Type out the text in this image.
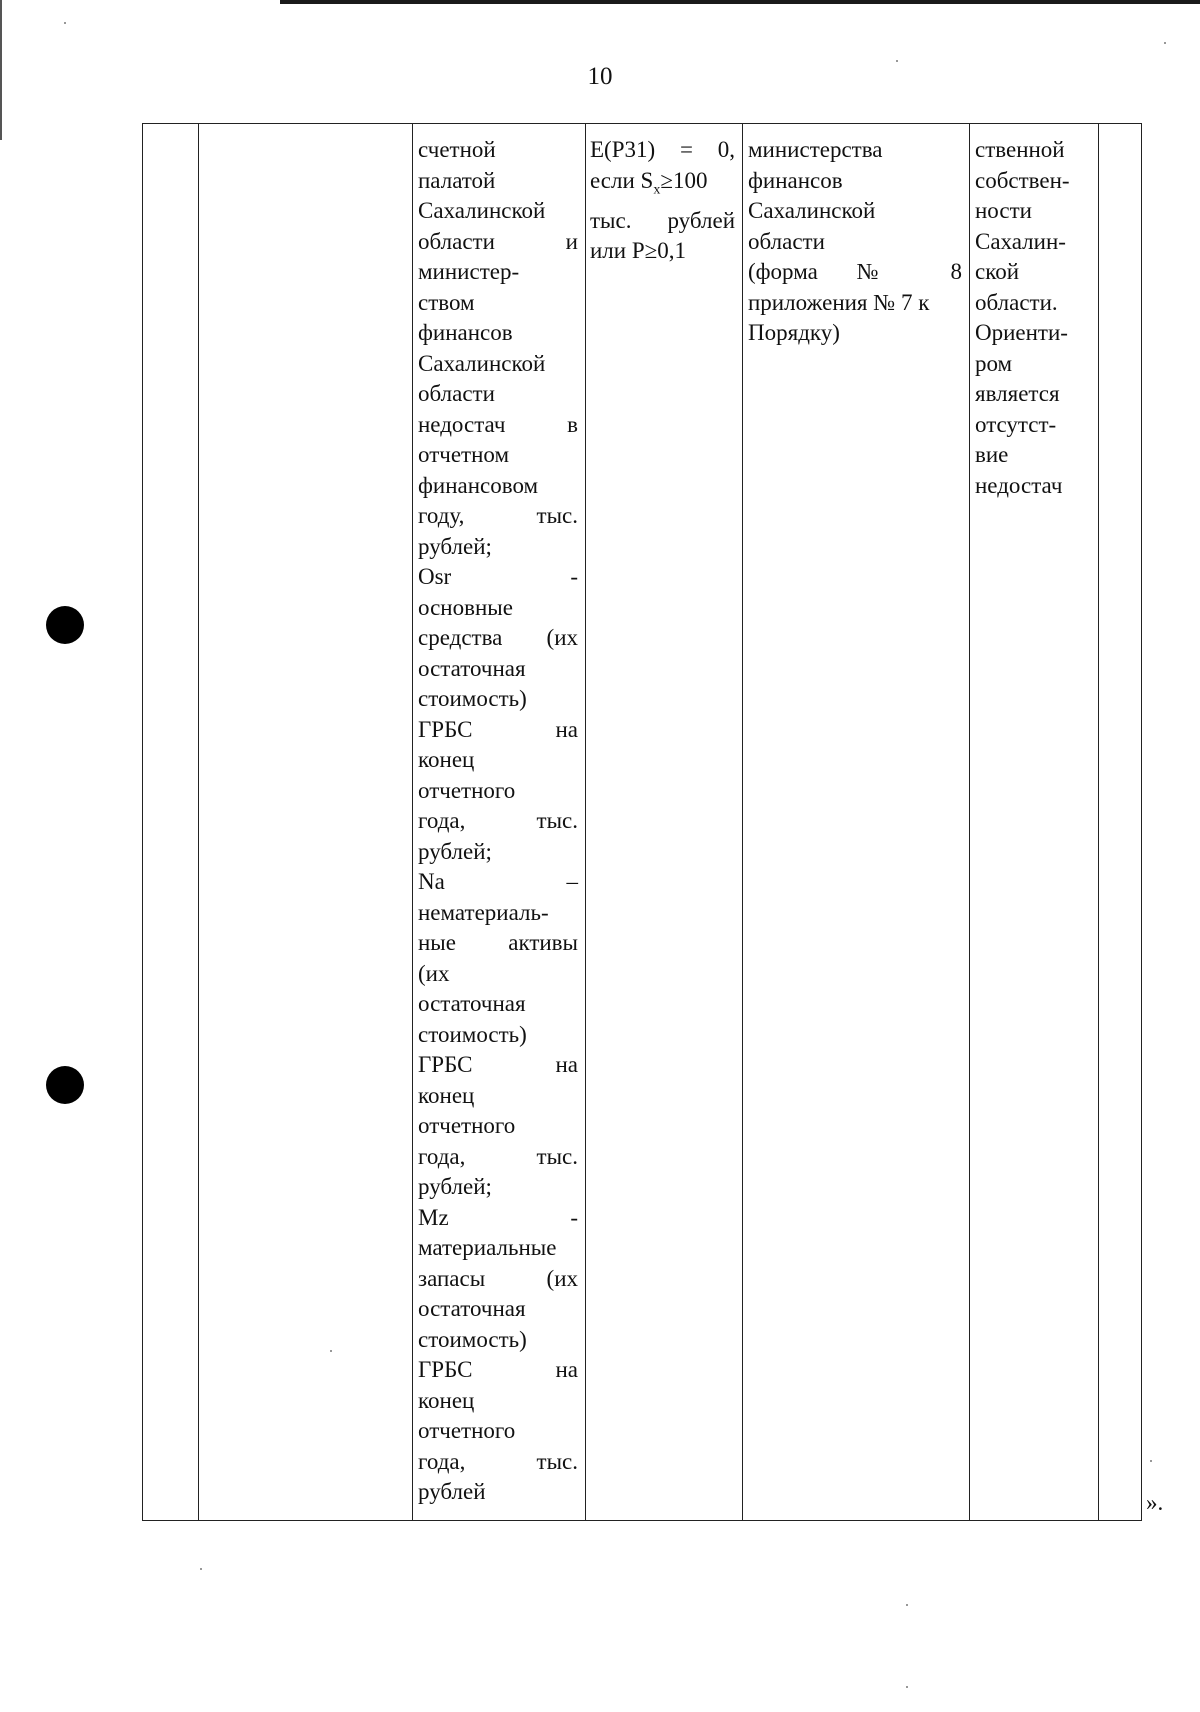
10
счетной
палатой
Сахалинской
области и
министер-
ством
финансов
Сахалинской
области
недостач в
отчетном
финансовом
году, тыс.
рублей;
Osr -
основные
средства (их
остаточная
стоимость)
ГРБС на
конец
отчетного
года, тыс.
рублей;
Na –
нематериаль-
ные активы
(их
остаточная
стоимость)
ГРБС на
конец
отчетного
года, тыс.
рублей;
Mz -
материальные
запасы (их
остаточная
стоимость)
ГРБС на
конец
отчетного
года, тыс.
рублей
E(P31) = 0,
если $S_x\ge 100$
тыс. рублей
или P≥0,1
министерства
финансов
Сахалинской
области
(форма № 8
приложения № 7 к
Порядку)
ственной
собствен-
ности
Сахалин-
ской
области.
Ориенти-
ром
является
отсутст-
вие
недостач
».
